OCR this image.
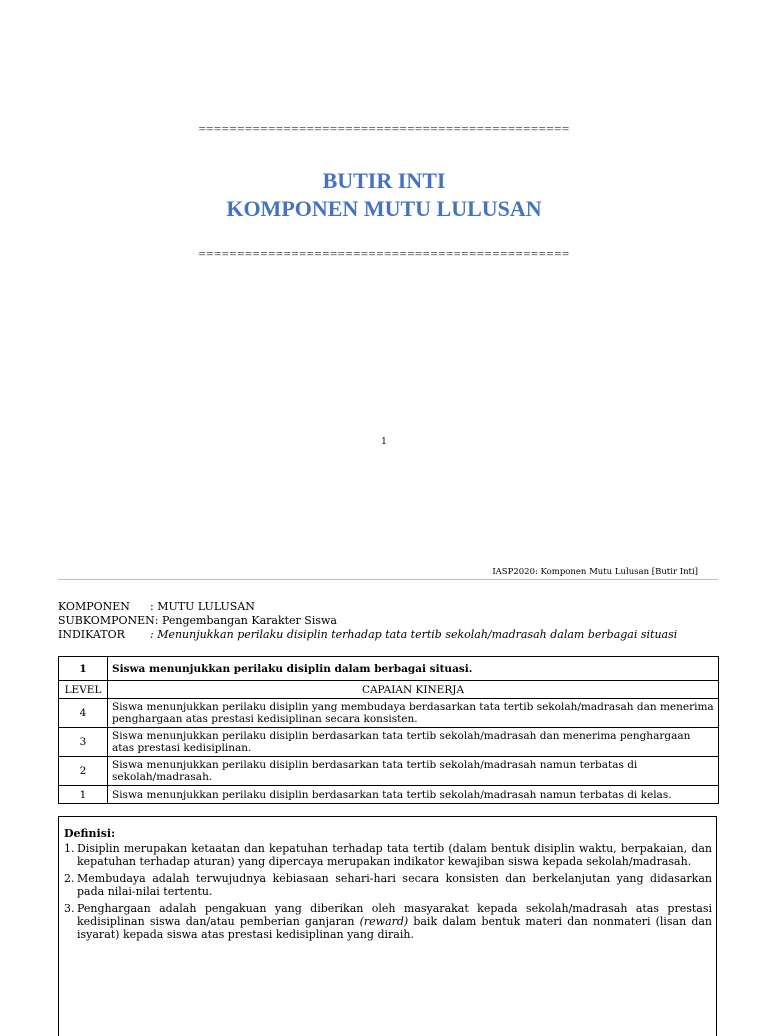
================================================
BUTIR INTI
KOMPONEN MUTU LULUSAN
================================================
1
IASP2020: Komponen Mutu Lulusan [Butir Inti]
KOMPONEN : MUTU LULUSAN
SUBKOMPONEN: Pengembangan Karakter Siswa
INDIKATOR : Menunjukkan perilaku disiplin terhadap tata tertib sekolah/madrasah dalam berbagai situasi
1	Siswa menunjukkan perilaku disiplin dalam berbagai situasi.
LEVEL	CAPAIAN KINERJA
4	Siswa menunjukkan perilaku disiplin yang membudaya berdasarkan tata tertib sekolah/madrasah dan menerima penghargaan atas prestasi kedisiplinan secara konsisten.
3	Siswa menunjukkan perilaku disiplin berdasarkan tata tertib sekolah/madrasah dan menerima penghargaan atas prestasi kedisiplinan.
2	Siswa menunjukkan perilaku disiplin berdasarkan tata tertib sekolah/madrasah namun terbatas di sekolah/madrasah.
1	Siswa menunjukkan perilaku disiplin berdasarkan tata tertib sekolah/madrasah namun terbatas di kelas.
Definisi:
1. Disiplin merupakan ketaatan dan kepatuhan terhadap tata tertib (dalam bentuk disiplin waktu, berpakaian, dan kepatuhan terhadap aturan) yang dipercaya merupakan indikator kewajiban siswa kepada sekolah/madrasah.
2. Membudaya adalah terwujudnya kebiasaan sehari-hari secara konsisten dan berkelanjutan yang didasarkan pada nilai-nilai tertentu.
3. Penghargaan adalah pengakuan yang diberikan oleh masyarakat kepada sekolah/madrasah atas prestasi kedisiplinan siswa dan/atau pemberian ganjaran (reward) baik dalam bentuk materi dan nonmateri (lisan dan isyarat) kepada siswa atas prestasi kedisiplinan yang diraih.
